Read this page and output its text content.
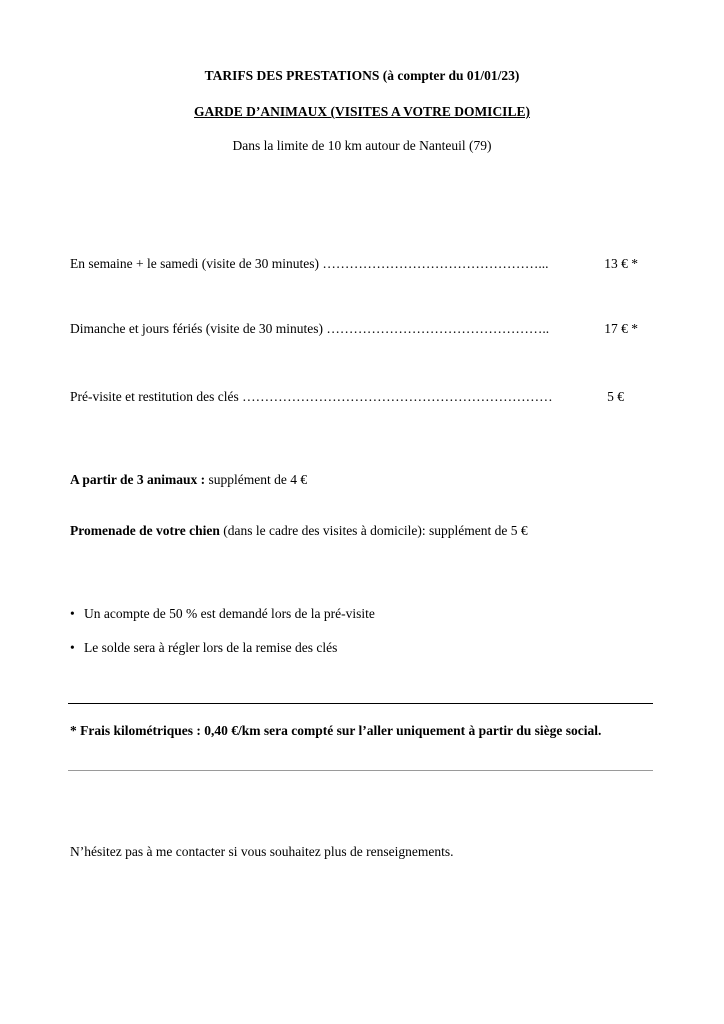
TARIFS DES PRESTATIONS (à compter du 01/01/23)
GARDE D’ANIMAUX (VISITES A VOTRE DOMICILE)
Dans la limite de 10 km autour de Nanteuil (79)
En semaine + le samedi (visite de 30 minutes) …………………………………………...	13 € *
Dimanche et jours fériés (visite de 30 minutes) …………………………………………..	17 € *
Pré-visite et restitution des clés ……………………………………………………………	5 €
A partir de 3 animaux : supplément de 4 €
Promenade de votre chien (dans le cadre des visites à domicile): supplément de 5 €
• Un acompte de 50 % est demandé lors de la pré-visite
• Le solde sera à régler lors de la remise des clés
* Frais kilométriques : 0,40 €/km sera compté sur l’aller uniquement à partir du siège social.
N’hésitez pas à me contacter si vous souhaitez plus de renseignements.
